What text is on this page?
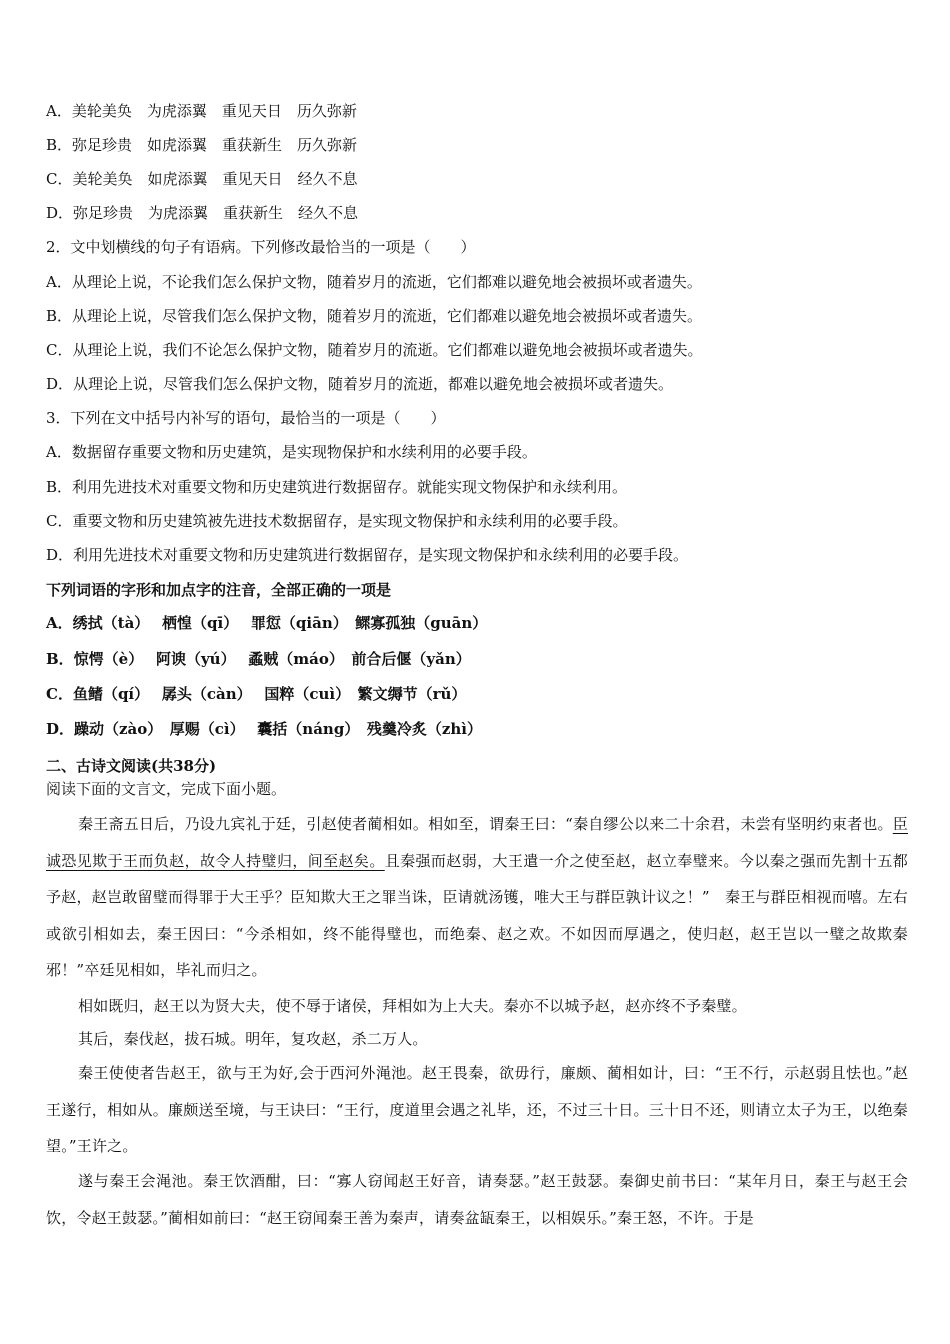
A．美轮美奂　为虎添翼　重见天日　历久弥新
B．弥足珍贵　如虎添翼　重获新生　历久弥新
C．美轮美奂　如虎添翼　重见天日　经久不息
D．弥足珍贵　为虎添翼　重获新生　经久不息
2．文中划横线的句子有语病。下列修改最恰当的一项是（　　）
A．从理论上说，不论我们怎么保护文物，随着岁月的流逝，它们都难以避免地会被损坏或者遗失。
B．从理论上说，尽管我们怎么保护文物，随着岁月的流逝，它们都难以避免地会被损坏或者遗失。
C．从理论上说，我们不论怎么保护文物，随着岁月的流逝。它们都难以避免地会被损坏或者遗失。
D．从理论上说，尽管我们怎么保护文物，随着岁月的流逝，都难以避免地会被损坏或者遗失。
3．下列在文中括号内补写的语句，最恰当的一项是（　　）
A．数据留存重要文物和历史建筑，是实现物保护和水续利用的必要手段。
B．利用先进技术对重要文物和历史建筑进行数据留存。就能实现文物保护和永续利用。
C．重要文物和历史建筑被先进技术数据留存，是实现文物保护和永续利用的必要手段。
D．利用先进技术对重要文物和历史建筑进行数据留存，是实现文物保护和永续利用的必要手段。
下列词语的字形和加点字的注音，全部正确的一项是
A．绣拭（tà）　 栖惶（qī）　 罪愆（qiān）　鳏寡孤独（guān）
B．惊愕（è）　 阿谀（yú）　 蟊贼（máo）　前合后偃（yǎn）
C．鱼鳍（qí）　 孱头（càn）　 国粹（cuì）　繁文缛节（rǔ）
D．躁动（zào）　厚赐（cì）　 囊括（náng）　残羹冷炙（zhì）
二、古诗文阅读(共38分)
阅读下面的文言文，完成下面小题。
秦王斋五日后，乃设九宾礼于廷，引赵使者蔺相如。相如至，谓秦王曰：“秦自缪公以来二十余君，未尝有坚明约束者也。臣诚恐见欺于王而负赵，故令人持璧归，间至赵矣。且秦强而赵弱，大王遣一介之使至赵，赵立奉璧来。今以秦之强而先割十五都予赵，赵岂敢留璧而得罪于大王乎？臣知欺大王之罪当诛，臣请就汤镬，唯大王与群臣孰计议之！”　秦王与群臣相视而嘻。左右或欲引相如去，秦王因曰：“今杀相如，终不能得璧也，而绝秦、赵之欢。不如因而厚遇之，使归赵，赵王岂以一璧之故欺秦邪！”卒廷见相如，毕礼而归之。
相如既归，赵王以为贤大夫，使不辱于诸侯，拜相如为上大夫。秦亦不以城予赵，赵亦终不予秦璧。
其后，秦伐赵，拔石城。明年，复攻赵，杀二万人。
秦王使使者告赵王，欲与王为好,会于西河外渑池。赵王畏秦，欲毋行，廉颇、蔺相如计，曰：“王不行，示赵弱且怯也。”赵王遂行，相如从。廉颇送至境，与王诀曰：“王行，度道里会遇之礼毕，还，不过三十日。三十日不还，则请立太子为王，以绝秦望。”王许之。
遂与秦王会渑池。秦王饮酒酣，曰：“寡人窃闻赵王好音，请奏瑟。”赵王鼓瑟。秦御史前书曰：“某年月日，秦王与赵王会饮，令赵王鼓瑟。”蔺相如前曰：“赵王窃闻秦王善为秦声，请奏盆缻秦王，以相娱乐。”秦王怒，不许。于是
